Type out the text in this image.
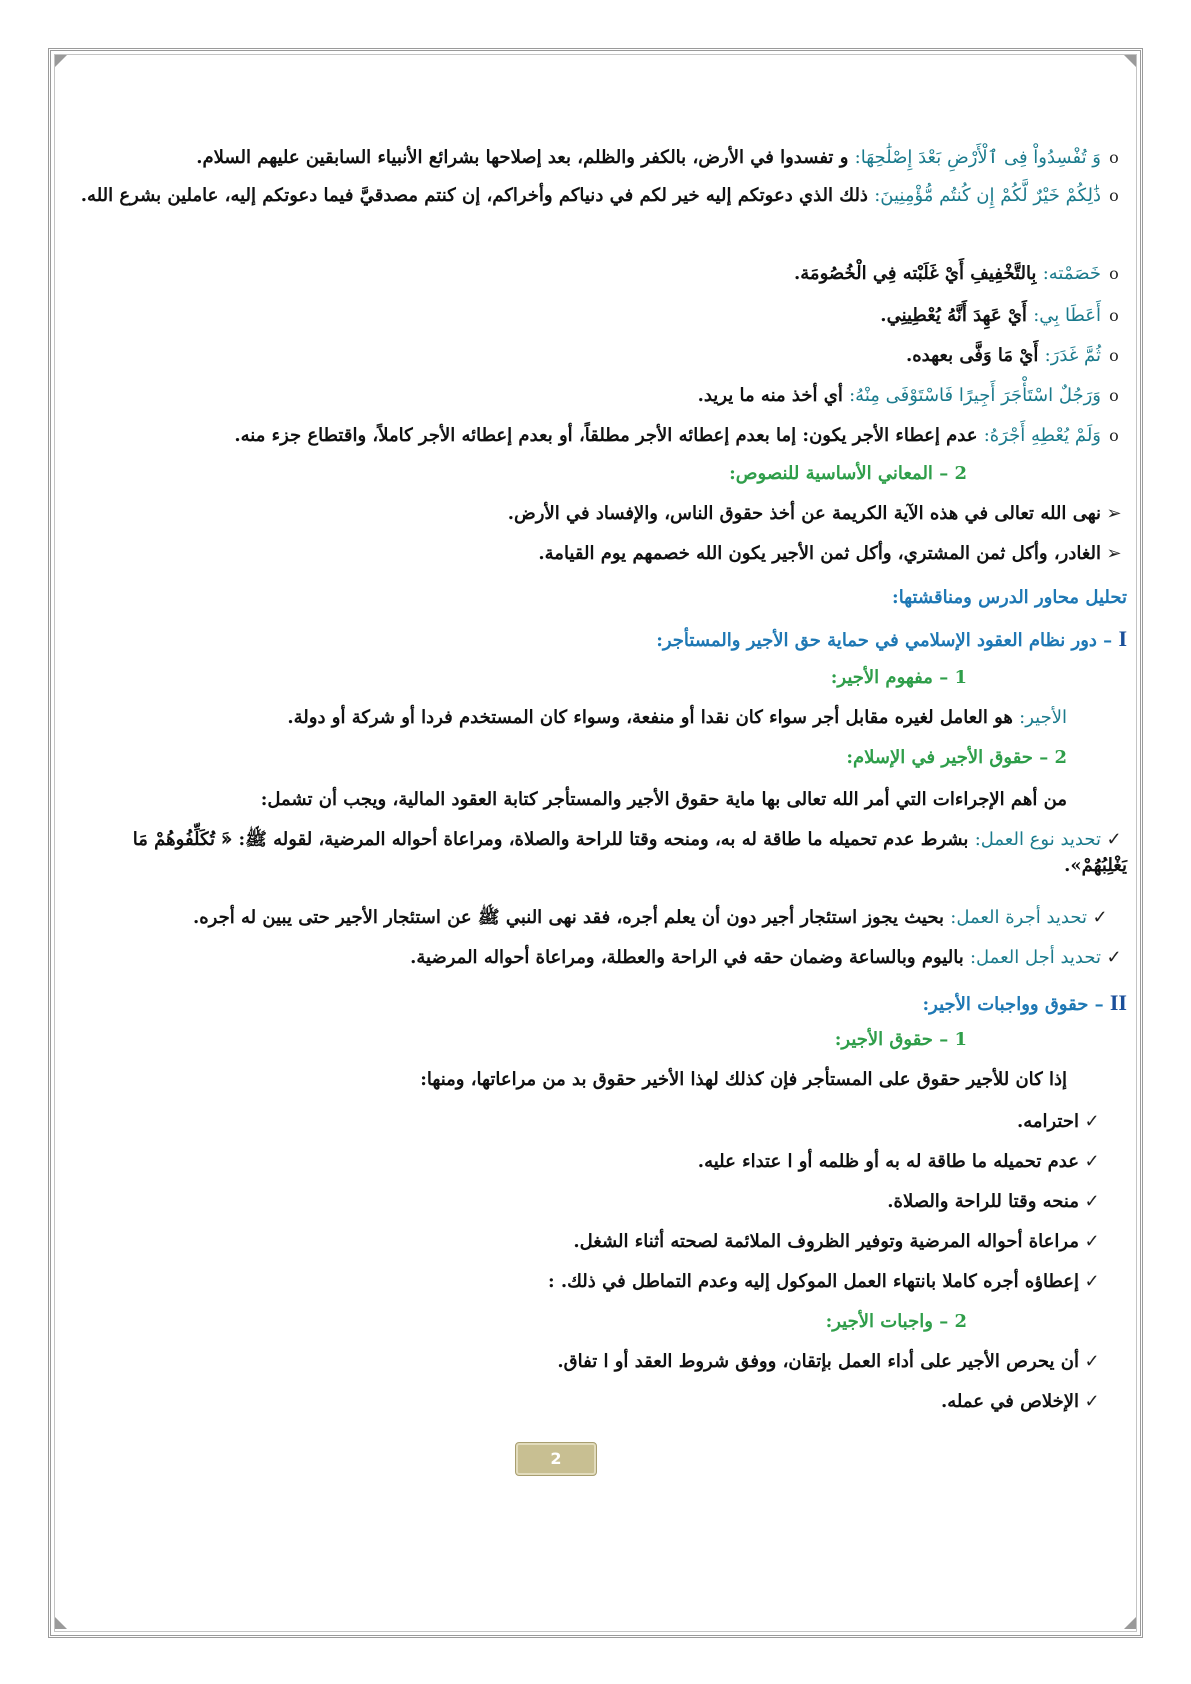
oوَ تُفْسِدُواْ فِى ٱلْأَرْضِ بَعْدَ إِصْلَٰحِهَا: و تفسدوا في الأرض، بالكفر والظلم، بعد إصلاحها بشرائع الأنبياء السابقين عليهم السلام.
oذَٰلِكُمْ خَيْرٌ لَّكُمْ إِن كُنتُم مُّؤْمِنِينَ: ذلك الذي دعوتكم إليه خير لكم في دنياكم وأخراكم، إن كنتم مصدقيَّ فيما دعوتكم إليه، عاملين بشرع الله.
oخَصَمْته: بِالتَّخْفِيفِ أَيْ غَلَبْته فِي الْخُصُومَة.
oأَعَطَا بِي: أَيْ عَهِدَ أَنَّهُ يُعْطِينِي.
oثُمَّ غَدَرَ: أَيْ مَا وَفَّى بعهده.
oوَرَجُلٌ اسْتَأْجَرَ أَجِيرًا فَاسْتَوْفَى مِنْهُ: أي أخذ منه ما يريد.
oوَلَمْ يُعْطِهِ أَجْرَهُ: عدم إعطاء الأجر يكون: إما بعدم إعطائه الأجر مطلقاً، أو بعدم إعطائه الأجر كاملاً، واقتطاع جزء منه.
2 – المعاني الأساسية للنصوص:
➢نهى الله تعالى في هذه الآية الكريمة عن أخذ حقوق الناس، والإفساد في الأرض.
➢الغادر، وأكل ثمن المشتري، وأكل ثمن الأجير يكون الله خصمهم يوم القيامة.
تحليل محاور الدرس ومناقشتها:
I – دور نظام العقود الإسلامي في حماية حق الأجير والمستأجر:
1 – مفهوم الأجير:
الأجير: هو العامل لغيره مقابل أجر سواء كان نقدا أو منفعة، وسواء كان المستخدم فردا أو شركة أو دولة.
2 – حقوق الأجير في الإسلام:
من أهم الإجراءات التي أمر الله تعالى بها ماية حقوق الأجير والمستأجر كتابة العقود المالية، ويجب أن تشمل:
✓تحديد نوع العمل: بشرط عدم تحميله ما طاقة له به، ومنحه وقتا للراحة والصلاة، ومراعاة أحواله المرضية، لقوله ﷺ: «َ تُكَلِّفُوهُمْ مَا يَغْلِبُهُمْ».
✓تحديد أجرة العمل: بحيث يجوز استئجار أجير دون أن يعلم أجره، فقد نهى النبي ﷺ عن استئجار الأجير حتى يبين له أجره.
✓تحديد أجل العمل: باليوم وبالساعة وضمان حقه في الراحة والعطلة، ومراعاة أحواله المرضية.
II – حقوق وواجبات الأجير:
1 – حقوق الأجير:
إذا كان للأجير حقوق على المستأجر فإن كذلك لهذا الأخير حقوق بد من مراعاتها، ومنها:
✓احترامه.
✓عدم تحميله ما طاقة له به أو ظلمه أو ا عتداء عليه.
✓منحه وقتا للراحة والصلاة.
✓مراعاة أحواله المرضية وتوفير الظروف الملائمة لصحته أثناء الشغل.
✓إعطاؤه أجره كاملا بانتهاء العمل الموكول إليه وعدم التماطل في ذلك. :
2 – واجبات الأجير:
✓أن يحرص الأجير على أداء العمل بإتقان، ووفق شروط العقد أو ا تفاق.
✓الإخلاص في عمله.
2
